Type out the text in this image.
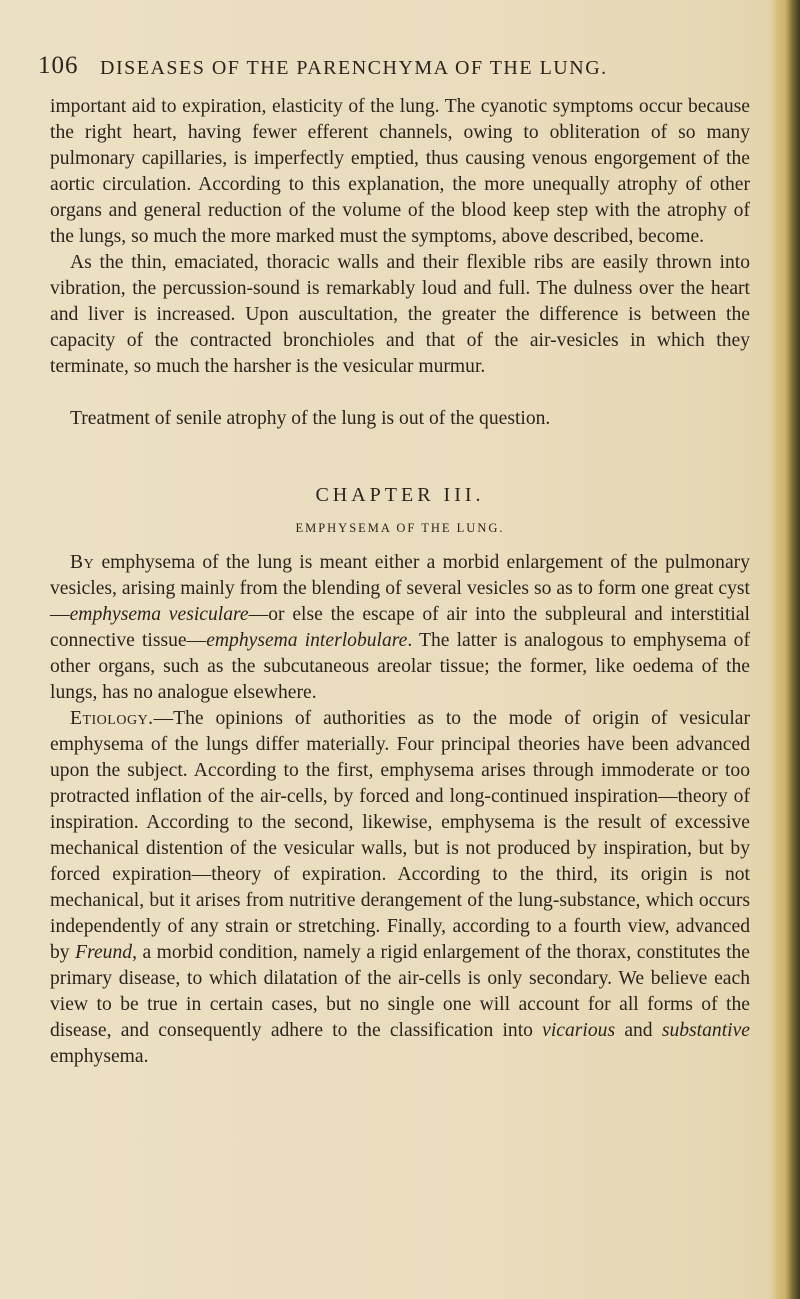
106 DISEASES OF THE PARENCHYMA OF THE LUNG.

important aid to expiration, elasticity of the lung. The cyanotic symptoms occur because the right heart, having fewer efferent channels, owing to obliteration of so many pulmonary capillaries, is imperfectly emptied, thus causing venous engorgement of the aortic circulation. According to this explanation, the more unequally atrophy of other organs and general reduction of the volume of the blood keep step with the atrophy of the lungs, so much the more marked must the symptoms, above described, become.

As the thin, emaciated, thoracic walls and their flexible ribs are easily thrown into vibration, the percussion-sound is remarkably loud and full. The dulness over the heart and liver is increased. Upon auscultation, the greater the difference is between the capacity of the contracted bronchioles and that of the air-vesicles in which they terminate, so much the harsher is the vesicular murmur.

Treatment of senile atrophy of the lung is out of the question.

CHAPTER III.
EMPHYSEMA OF THE LUNG.

By emphysema of the lung is meant either a morbid enlargement of the pulmonary vesicles, arising mainly from the blending of several vesicles so as to form one great cyst—emphysema vesiculare—or else the escape of air into the subpleural and interstitial connective tissue—emphysema interlobulare. The latter is analogous to emphysema of other organs, such as the subcutaneous areolar tissue; the former, like oedema of the lungs, has no analogue elsewhere.

Etiology.—The opinions of authorities as to the mode of origin of vesicular emphysema of the lungs differ materially. Four principal theories have been advanced upon the subject. According to the first, emphysema arises through immoderate or too protracted inflation of the air-cells, by forced and long-continued inspiration—theory of inspiration. According to the second, likewise, emphysema is the result of excessive mechanical distention of the vesicular walls, but is not produced by inspiration, but by forced expiration—theory of expiration. According to the third, its origin is not mechanical, but it arises from nutritive derangement of the lung-substance, which occurs independently of any strain or stretching. Finally, according to a fourth view, advanced by Freund, a morbid condition, namely a rigid enlargement of the thorax, constitutes the primary disease, to which dilatation of the air-cells is only secondary. We believe each view to be true in certain cases, but no single one will account for all forms of the disease, and consequently adhere to the classification into vicarious and substantive emphysema.
